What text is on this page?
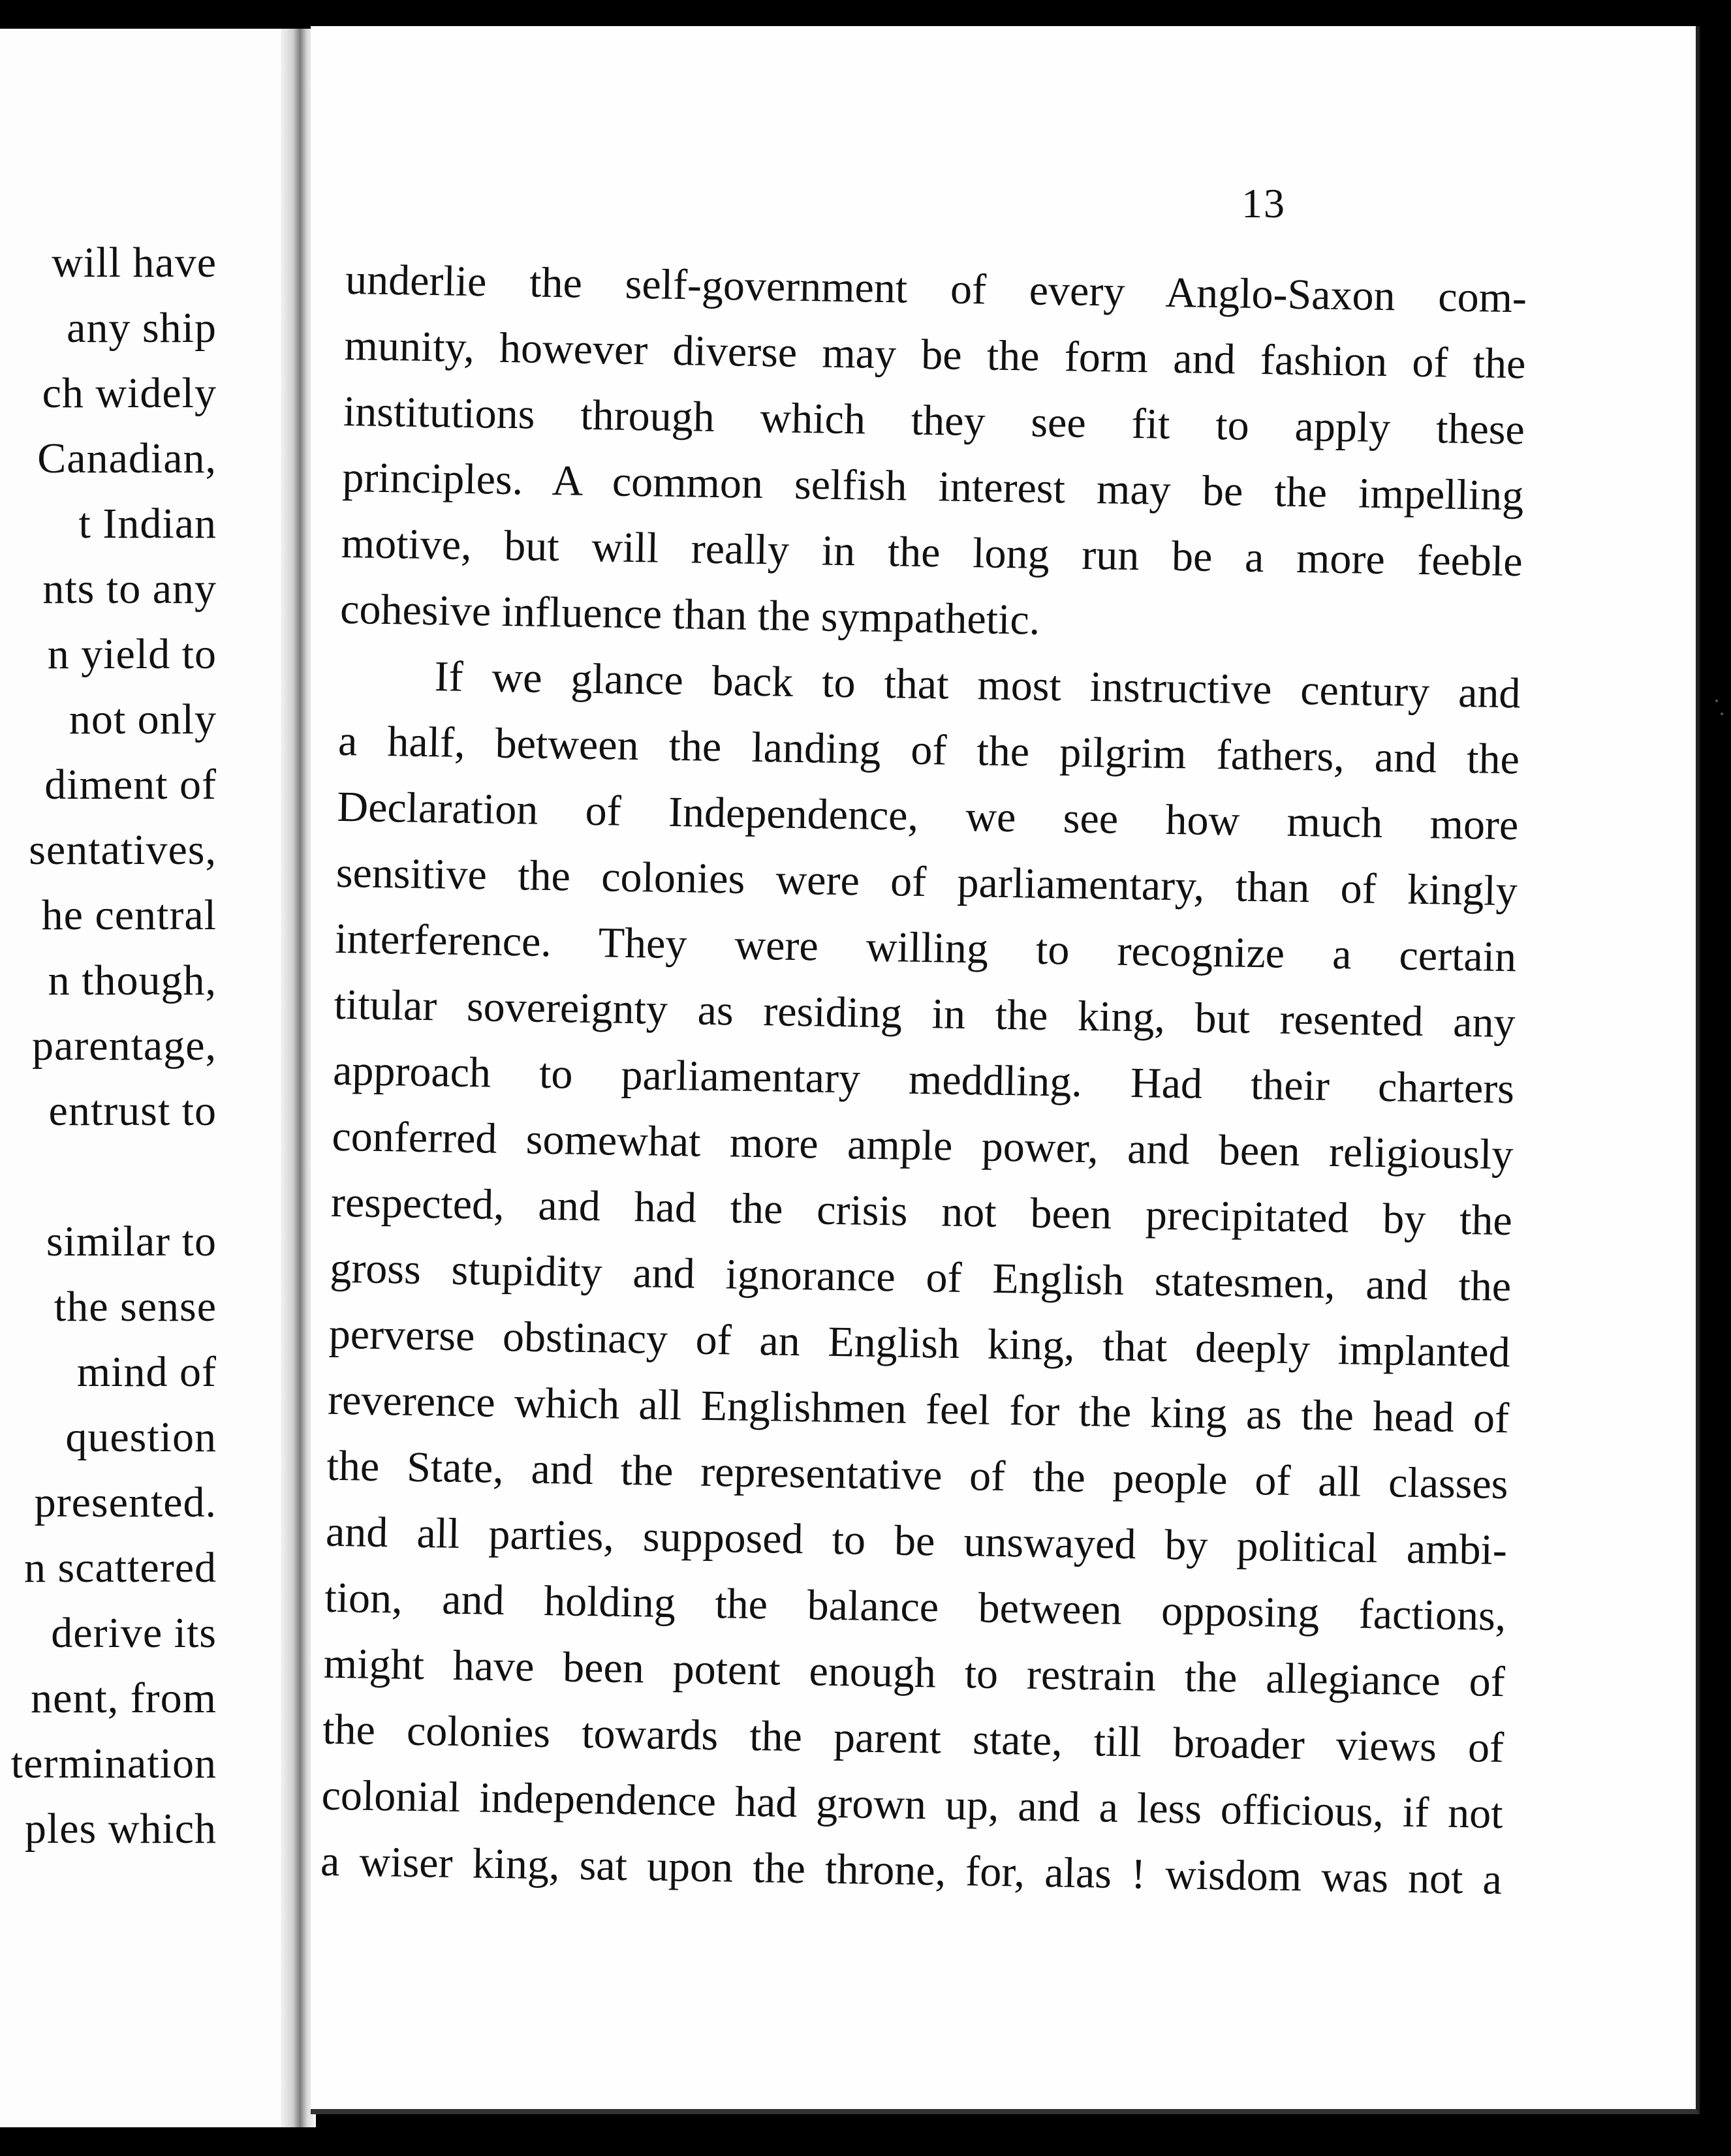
will have
any ship
ch widely
Canadian,
t Indian
nts to any
n yield to
not only
diment of
sentatives,
he central
n though,
parentage,
entrust to
similar to
the sense
mind of
question
presented.
n scattered
derive its
nent, from
termination
ples which
13
underlie the self-government of every Anglo-Saxon com-
munity, however diverse may be the form and fashion of the
institutions through which they see fit to apply these
principles. A common selfish interest may be the impelling
motive, but will really in the long run be a more feeble
cohesive influence than the sympathetic.
If we glance back to that most instructive century and
a half, between the landing of the pilgrim fathers, and the
Declaration of Independence, we see how much more
sensitive the colonies were of parliamentary, than of kingly
interference. They were willing to recognize a certain
titular sovereignty as residing in the king, but resented any
approach to parliamentary meddling. Had their charters
conferred somewhat more ample power, and been religiously
respected, and had the crisis not been precipitated by the
gross stupidity and ignorance of English statesmen, and the
perverse obstinacy of an English king, that deeply implanted
reverence which all Englishmen feel for the king as the head of
the State, and the representative of the people of all classes
and all parties, supposed to be unswayed by political ambi-
tion, and holding the balance between opposing factions,
might have been potent enough to restrain the allegiance of
the colonies towards the parent state, till broader views of
colonial independence had grown up, and a less officious, if not
a wiser king, sat upon the throne, for, alas ! wisdom was not a
